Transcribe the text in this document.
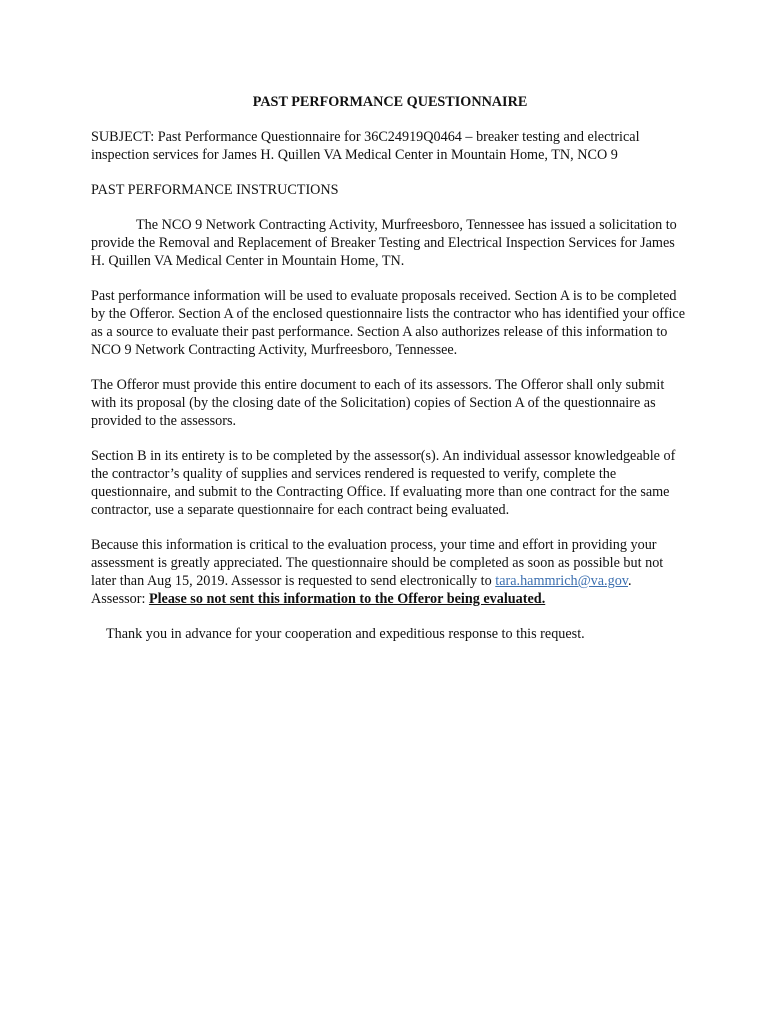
PAST PERFORMANCE QUESTIONNAIRE

SUBJECT: Past Performance Questionnaire for 36C24919Q0464 – breaker testing and electrical inspection services for James H. Quillen VA Medical Center in Mountain Home, TN, NCO 9

PAST PERFORMANCE INSTRUCTIONS

The NCO 9 Network Contracting Activity, Murfreesboro, Tennessee has issued a solicitation to provide the Removal and Replacement of Breaker Testing and Electrical Inspection Services for James H. Quillen VA Medical Center in Mountain Home, TN.

Past performance information will be used to evaluate proposals received. Section A is to be completed by the Offeror. Section A of the enclosed questionnaire lists the contractor who has identified your office as a source to evaluate their past performance. Section A also authorizes release of this information to NCO 9 Network Contracting Activity, Murfreesboro, Tennessee.

The Offeror must provide this entire document to each of its assessors. The Offeror shall only submit with its proposal (by the closing date of the Solicitation) copies of Section A of the questionnaire as provided to the assessors.

Section B in its entirety is to be completed by the assessor(s). An individual assessor knowledgeable of the contractor’s quality of supplies and services rendered is requested to verify, complete the questionnaire, and submit to the Contracting Office. If evaluating more than one contract for the same contractor, use a separate questionnaire for each contract being evaluated.

Because this information is critical to the evaluation process, your time and effort in providing your assessment is greatly appreciated. The questionnaire should be completed as soon as possible but not later than Aug 15, 2019. Assessor is requested to send electronically to tara.hammrich@va.gov. Assessor: Please so not sent this information to the Offeror being evaluated.

Thank you in advance for your cooperation and expeditious response to this request.
